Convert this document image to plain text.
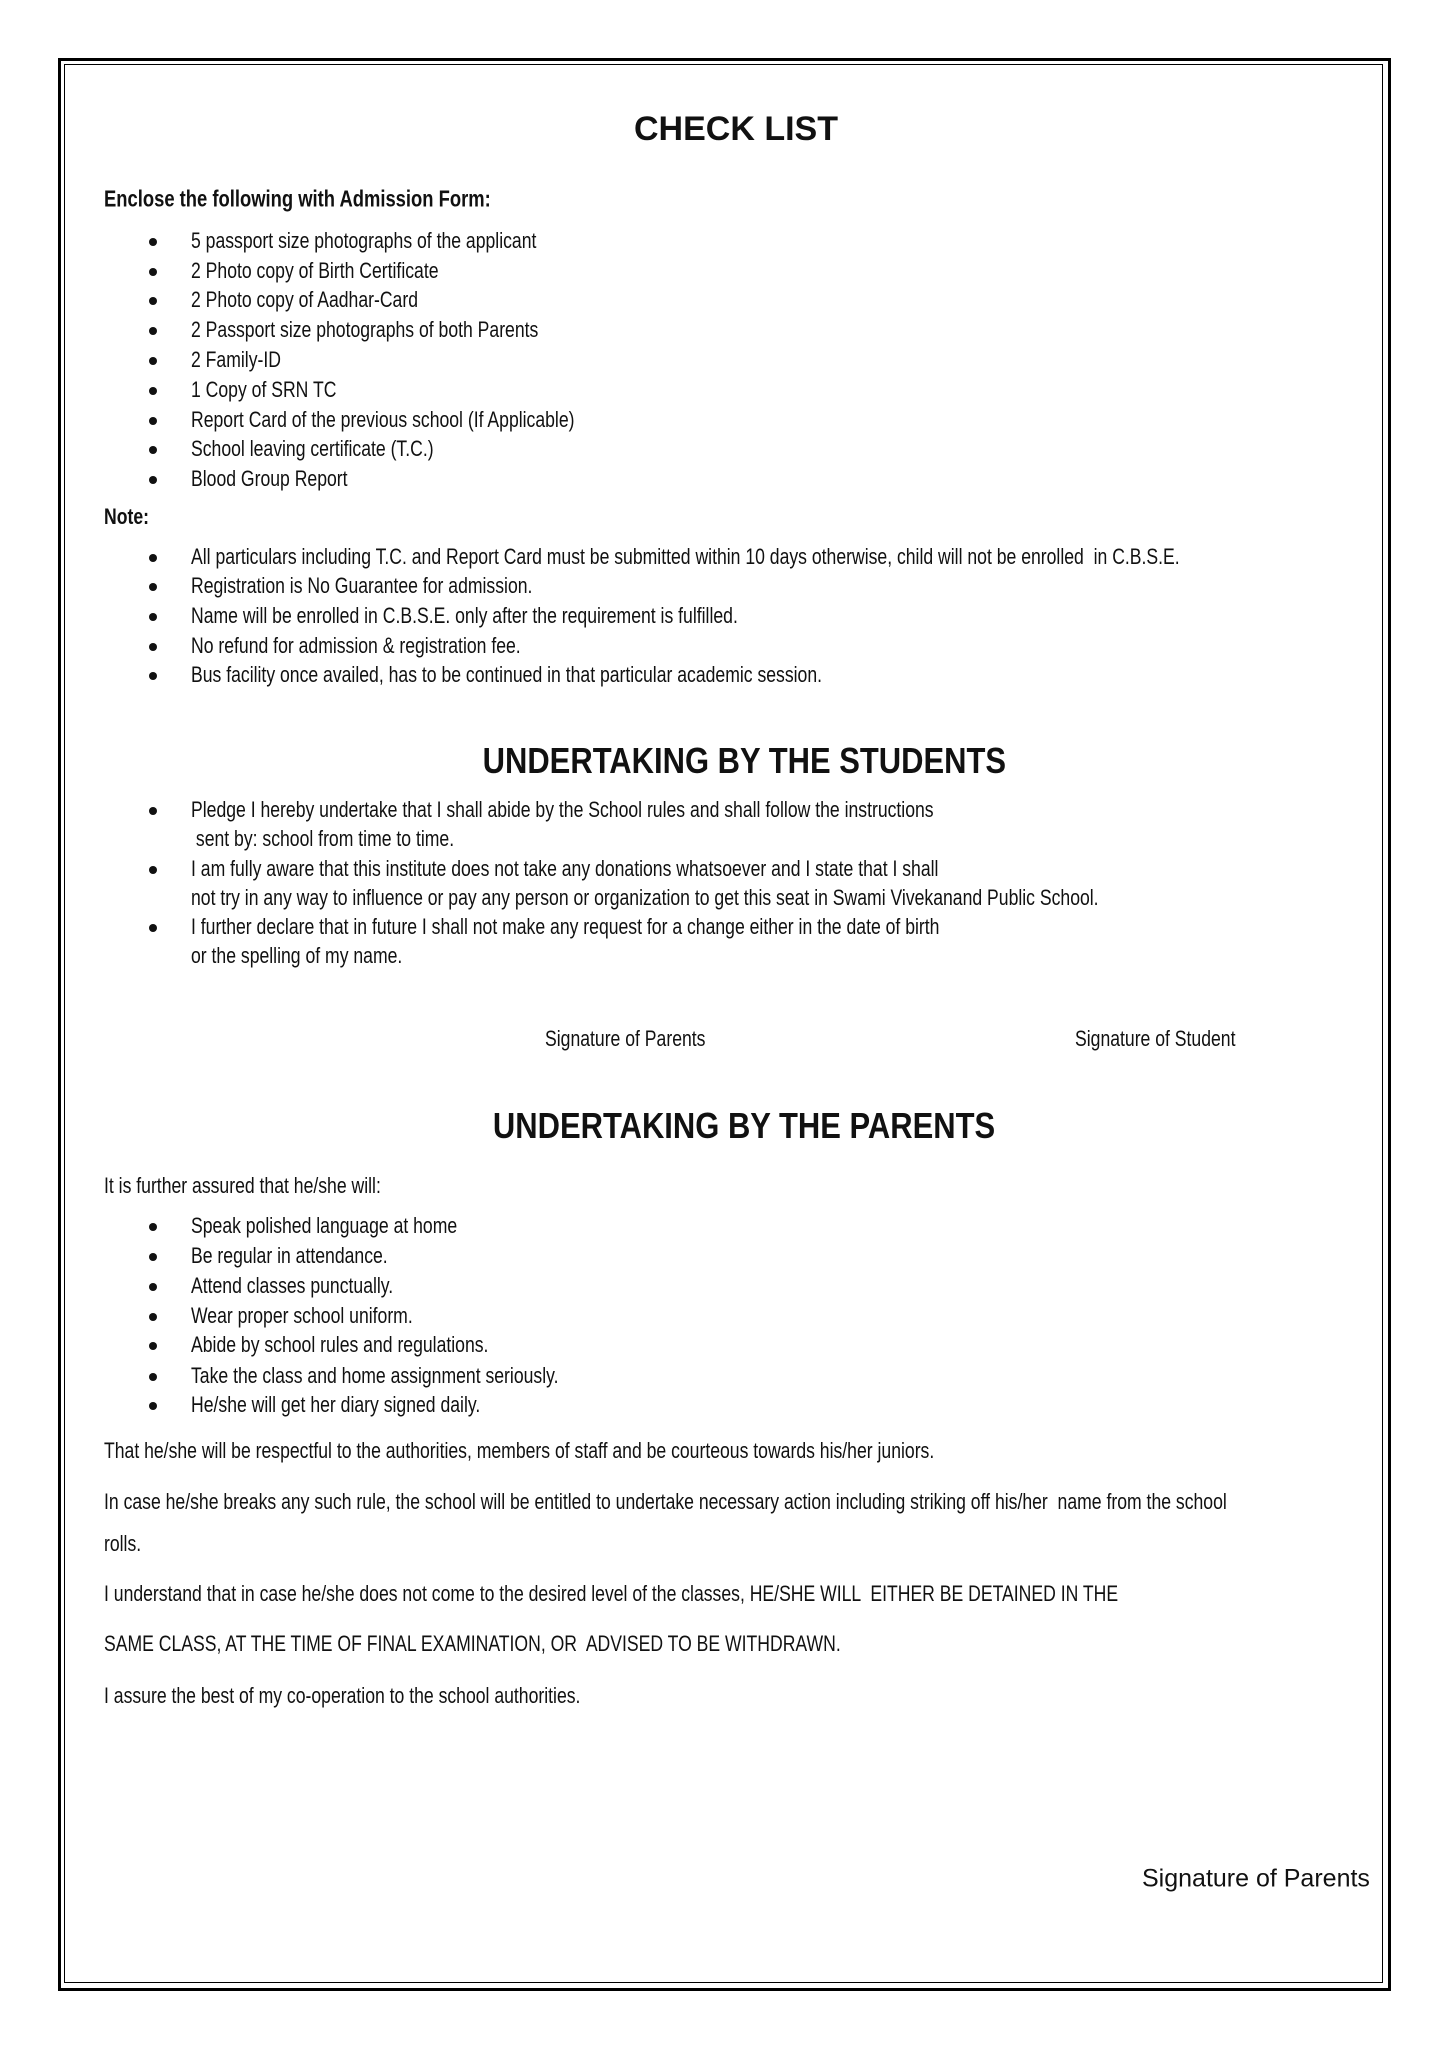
CHECK LIST
Enclose the following with Admission Form:
5 passport size photographs of the applicant
2 Photo copy of Birth Certificate
2 Photo copy of Aadhar-Card
2 Passport size photographs of both Parents
2 Family-ID
1 Copy of SRN TC
Report Card of the previous school (If Applicable)
School leaving certificate (T.C.)
Blood Group Report
Note:
All particulars including T.C. and Report Card must be submitted within 10 days otherwise, child will not be enrolled  in C.B.S.E.
Registration is No Guarantee for admission.
Name will be enrolled in C.B.S.E. only after the requirement is fulfilled.
No refund for admission & registration fee.
Bus facility once availed, has to be continued in that particular academic session.
UNDERTAKING BY THE STUDENTS
Pledge I hereby undertake that I shall abide by the School rules and shall follow the instructions
sent by: school from time to time.
I am fully aware that this institute does not take any donations whatsoever and I state that I shall
not try in any way to influence or pay any person or organization to get this seat in Swami Vivekanand Public School.
I further declare that in future I shall not make any request for a change either in the date of birth
or the spelling of my name.
Signature of Parents	Signature of Student
UNDERTAKING BY THE PARENTS
It is further assured that he/she will:
Speak polished language at home
Be regular in attendance.
Attend classes punctually.
Wear proper school uniform.
Abide by school rules and regulations.
Take the class and home assignment seriously.
He/she will get her diary signed daily.
That he/she will be respectful to the authorities, members of staff and be courteous towards his/her juniors.
In case he/she breaks any such rule, the school will be entitled to undertake necessary action including striking off his/her  name from the school
rolls.
I understand that in case he/she does not come to the desired level of the classes, HE/SHE WILL  EITHER BE DETAINED IN THE
SAME CLASS, AT THE TIME OF FINAL EXAMINATION, OR  ADVISED TO BE WITHDRAWN.
I assure the best of my co-operation to the school authorities.
Signature of Parents
